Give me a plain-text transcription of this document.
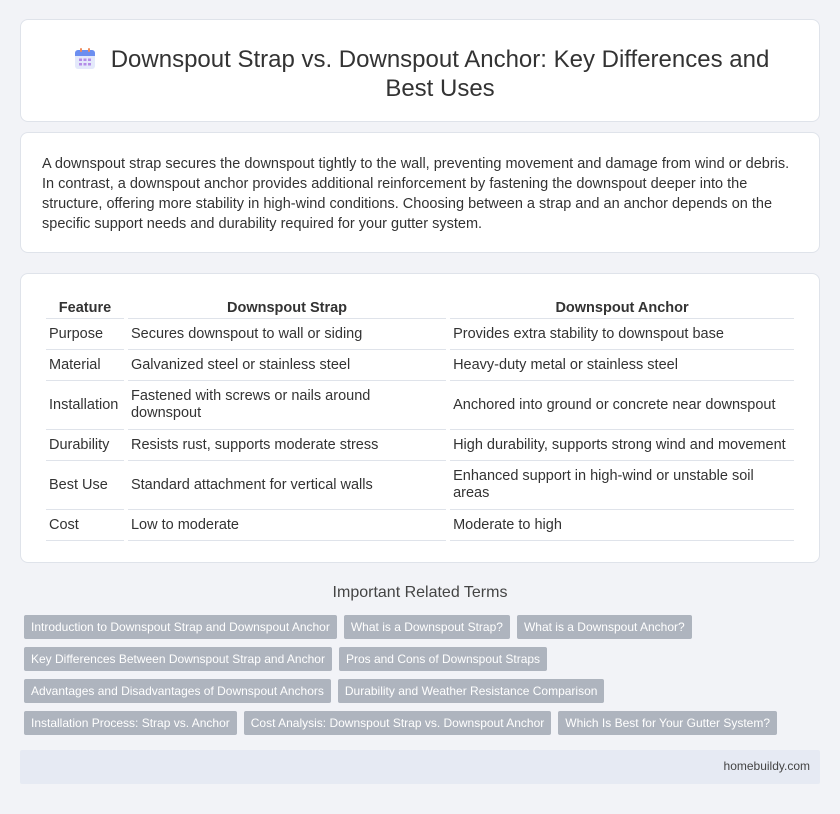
Downspout Strap vs. Downspout Anchor: Key Differences and Best Uses

A downspout strap secures the downspout tightly to the wall, preventing movement and damage from wind or debris. In contrast, a downspout anchor provides additional reinforcement by fastening the downspout deeper into the structure, offering more stability in high-wind conditions. Choosing between a strap and an anchor depends on the specific support needs and durability required for your gutter system.

Feature	Downspout Strap	Downspout Anchor
Purpose	Secures downspout to wall or siding	Provides extra stability to downspout base
Material	Galvanized steel or stainless steel	Heavy-duty metal or stainless steel
Installation	Fastened with screws or nails around downspout	Anchored into ground or concrete near downspout
Durability	Resists rust, supports moderate stress	High durability, supports strong wind and movement
Best Use	Standard attachment for vertical walls	Enhanced support in high-wind or unstable soil areas
Cost	Low to moderate	Moderate to high
Important Related Terms
Introduction to Downspout Strap and Downspout Anchor	What is a Downspout Strap?	What is a Downspout Anchor?
Key Differences Between Downspout Strap and Anchor	Pros and Cons of Downspout Straps
Advantages and Disadvantages of Downspout Anchors	Durability and Weather Resistance Comparison
Installation Process: Strap vs. Anchor	Cost Analysis: Downspout Strap vs. Downspout Anchor	Which Is Best for Your Gutter System?
homebuildy.com
